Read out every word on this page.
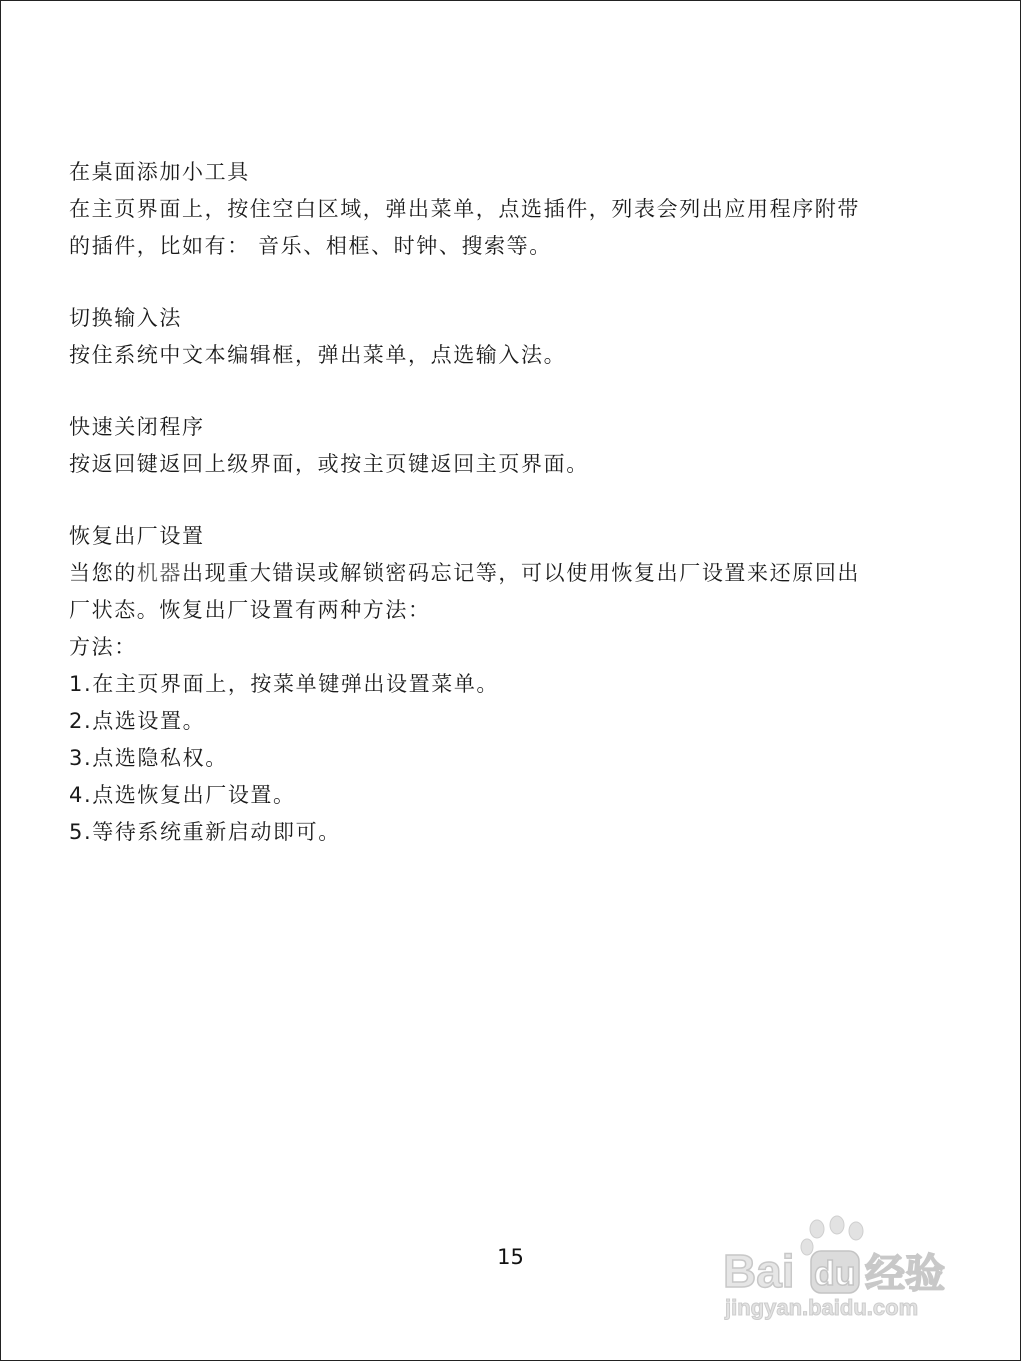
在桌面添加小工具
在主页界面上，按住空白区域，弹出菜单，点选插件，列表会列出应用程序附带
的插件，比如有： 音乐、相框、时钟、搜索等。
切换输入法
按住系统中文本编辑框，弹出菜单，点选输入法。
快速关闭程序
按返回键返回上级界面，或按主页键返回主页界面。
恢复出厂设置
当您的机器出现重大错误或解锁密码忘记等，可以使用恢复出厂设置来还原回出
厂状态。恢复出厂设置有两种方法：
方法：
1.在主页界面上，按菜单键弹出设置菜单。
2.点选设置。
3.点选隐私权。
4.点选恢复出厂设置。
5.等待系统重新启动即可。
15	Bai du 经验
jingyan.baidu.com
